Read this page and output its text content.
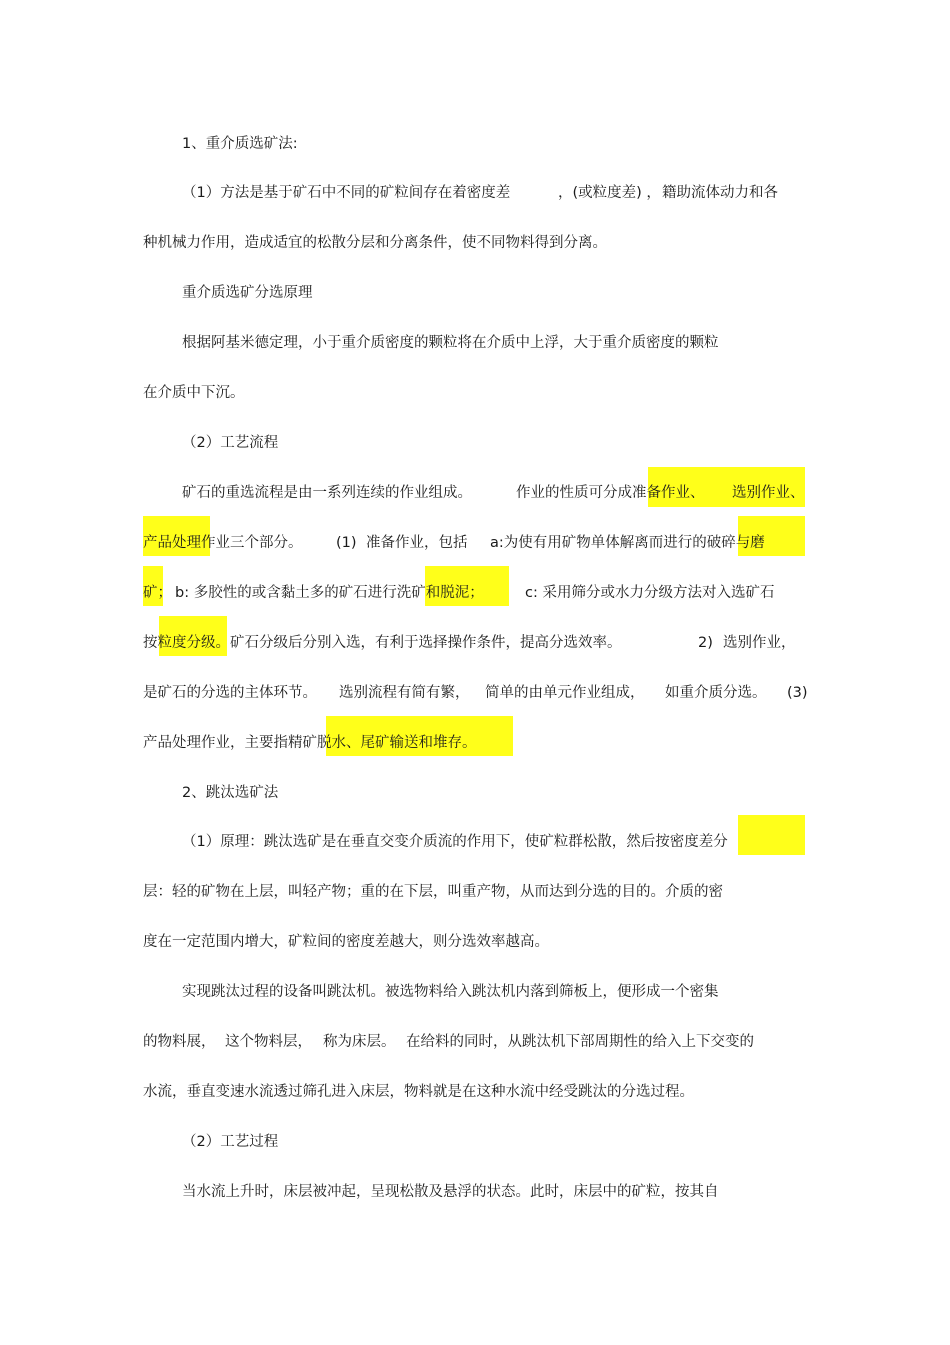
1、重介质选矿法:
（1）方法是基于矿石中不同的矿粒间存在着密度差	，(或粒度差) ， 籍助流体动力和各
种机械力作用，造成适宜的松散分层和分离条件，使不同物料得到分离。
重介质选矿分选原理
根据阿基米德定理，小于重介质密度的颗粒将在介质中上浮，大于重介质密度的颗粒
在介质中下沉。
（2）工艺流程
矿石的重选流程是由一系列连续的作业组成。	作业的性质可分成准备作业、 选别作业、
产品处理作业三个部分。 (1) 准备作业，包括 a:为使有用矿物单体解离而进行的破碎与磨
矿； b: 多胶性的或含黏土多的矿石进行洗矿和脱泥；	c: 采用筛分或水力分级方法对入选矿石
按粒度分级。矿石分级后分别入选，有利于选择操作条件，提高分选效率。	2) 选别作业，
是矿石的分选的主体环节。 选别流程有简有繁， 简单的由单元作业组成， 如重介质分选。 (3)
产品处理作业，主要指精矿脱水、尾矿输送和堆存。
2、跳汰选矿法
（1）原理：跳汰选矿是在垂直交变介质流的作用下，使矿粒群松散，然后按密度差分
层：轻的矿物在上层，叫轻产物；重的在下层，叫重产物，从而达到分选的目的。介质的密
度在一定范围内增大，矿粒间的密度差越大，则分选效率越高。
实现跳汰过程的设备叫跳汰机。被选物料给入跳汰机内落到筛板上，便形成一个密集
的物料展， 这个物料层， 称为床层。 在给料的同时，从跳汰机下部周期性的给入上下交变的
水流，垂直变速水流透过筛孔进入床层，物料就是在这种水流中经受跳汰的分选过程。
（2）工艺过程
当水流上升时，床层被冲起，呈现松散及悬浮的状态。此时，床层中的矿粒，按其自
